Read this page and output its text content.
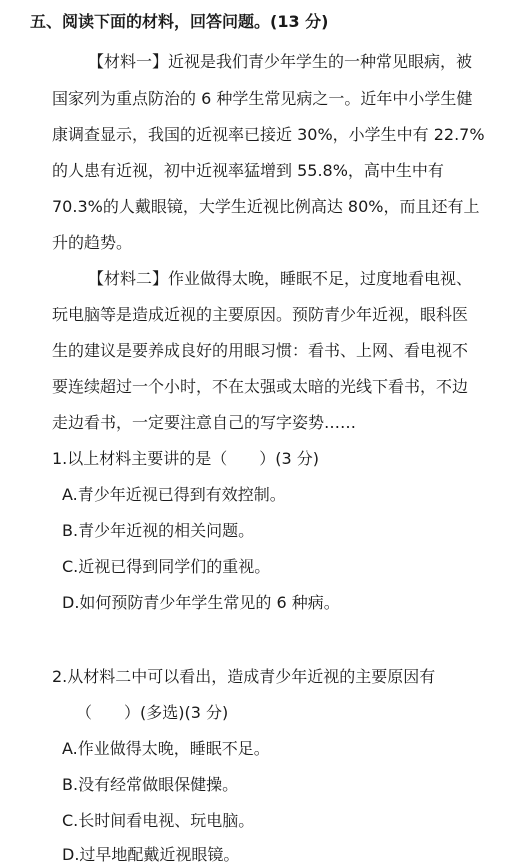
五、阅读下面的材料，回答问题。(13 分)
【材料一】近视是我们青少年学生的一种常见眼病，被
国家列为重点防治的 6 种学生常见病之一。近年中小学生健
康调查显示，我国的近视率已接近 30%，小学生中有 22.7%
的人患有近视，初中近视率猛增到 55.8%，高中生中有
70.3%的人戴眼镜，大学生近视比例高达 80%，而且还有上
升的趋势。
【材料二】作业做得太晚，睡眠不足，过度地看电视、
玩电脑等是造成近视的主要原因。预防青少年近视，眼科医
生的建议是要养成良好的用眼习惯：看书、上网、看电视不
要连续超过一个小时，不在太强或太暗的光线下看书，不边
走边看书，一定要注意自己的写字姿势……
1.以上材料主要讲的是（　　）(3 分)
A.青少年近视已得到有效控制。
B.青少年近视的相关问题。
C.近视已得到同学们的重视。
D.如何预防青少年学生常见的 6 种病。
2.从材料二中可以看出，造成青少年近视的主要原因有
（　　）(多选)(3 分)
A.作业做得太晚，睡眠不足。
B.没有经常做眼保健操。
C.长时间看电视、玩电脑。
D.过早地配戴近视眼镜。
